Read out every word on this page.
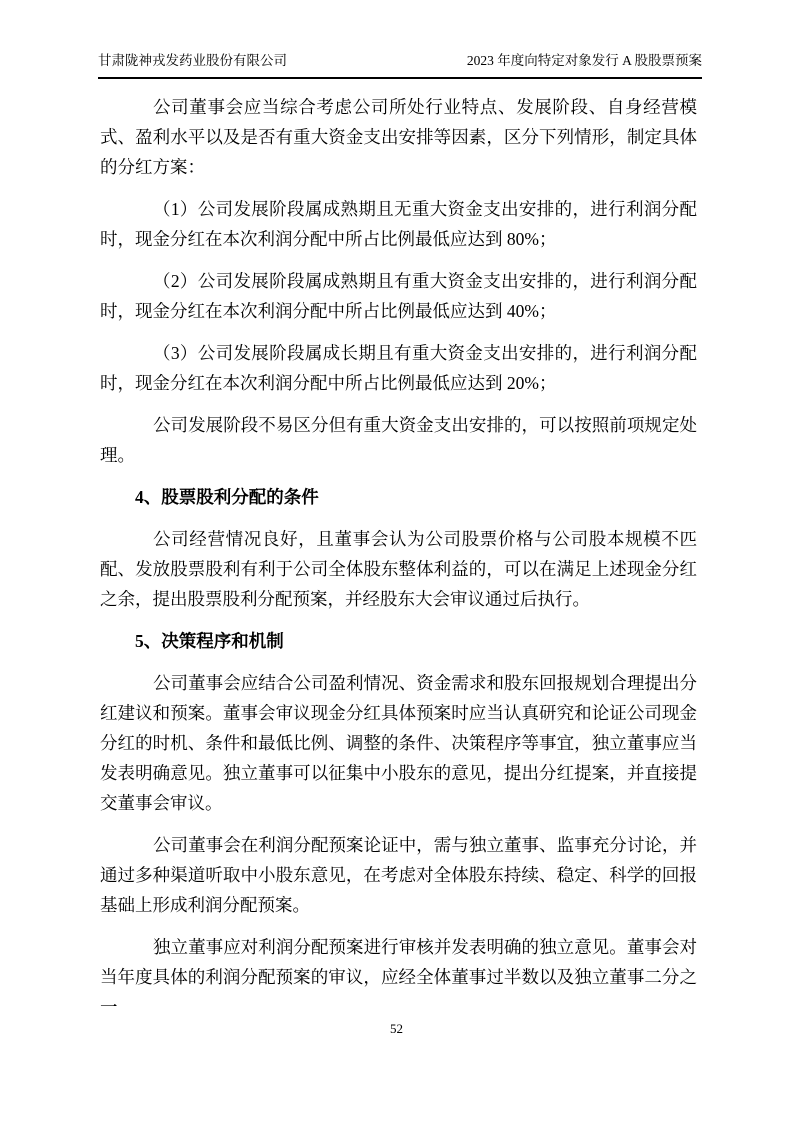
甘肃陇神戎发药业股份有限公司	2023 年度向特定对象发行 A 股股票预案

公司董事会应当综合考虑公司所处行业特点、发展阶段、自身经营模式、盈利水平以及是否有重大资金支出安排等因素，区分下列情形，制定具体的分红方案：

（1）公司发展阶段属成熟期且无重大资金支出安排的，进行利润分配时，现金分红在本次利润分配中所占比例最低应达到 80%；

（2）公司发展阶段属成熟期且有重大资金支出安排的，进行利润分配时，现金分红在本次利润分配中所占比例最低应达到 40%；

（3）公司发展阶段属成长期且有重大资金支出安排的，进行利润分配时，现金分红在本次利润分配中所占比例最低应达到 20%；

公司发展阶段不易区分但有重大资金支出安排的，可以按照前项规定处理。

4、股票股利分配的条件

公司经营情况良好，且董事会认为公司股票价格与公司股本规模不匹配、发放股票股利有利于公司全体股东整体利益的，可以在满足上述现金分红之余，提出股票股利分配预案，并经股东大会审议通过后执行。

5、决策程序和机制

公司董事会应结合公司盈利情况、资金需求和股东回报规划合理提出分红建议和预案。董事会审议现金分红具体预案时应当认真研究和论证公司现金分红的时机、条件和最低比例、调整的条件、决策程序等事宜，独立董事应当发表明确意见。独立董事可以征集中小股东的意见，提出分红提案，并直接提交董事会审议。

公司董事会在利润分配预案论证中，需与独立董事、监事充分讨论，并通过多种渠道听取中小股东意见，在考虑对全体股东持续、稳定、科学的回报基础上形成利润分配预案。

独立董事应对利润分配预案进行审核并发表明确的独立意见。董事会对当年度具体的利润分配预案的审议，应经全体董事过半数以及独立董事二分之一

52
